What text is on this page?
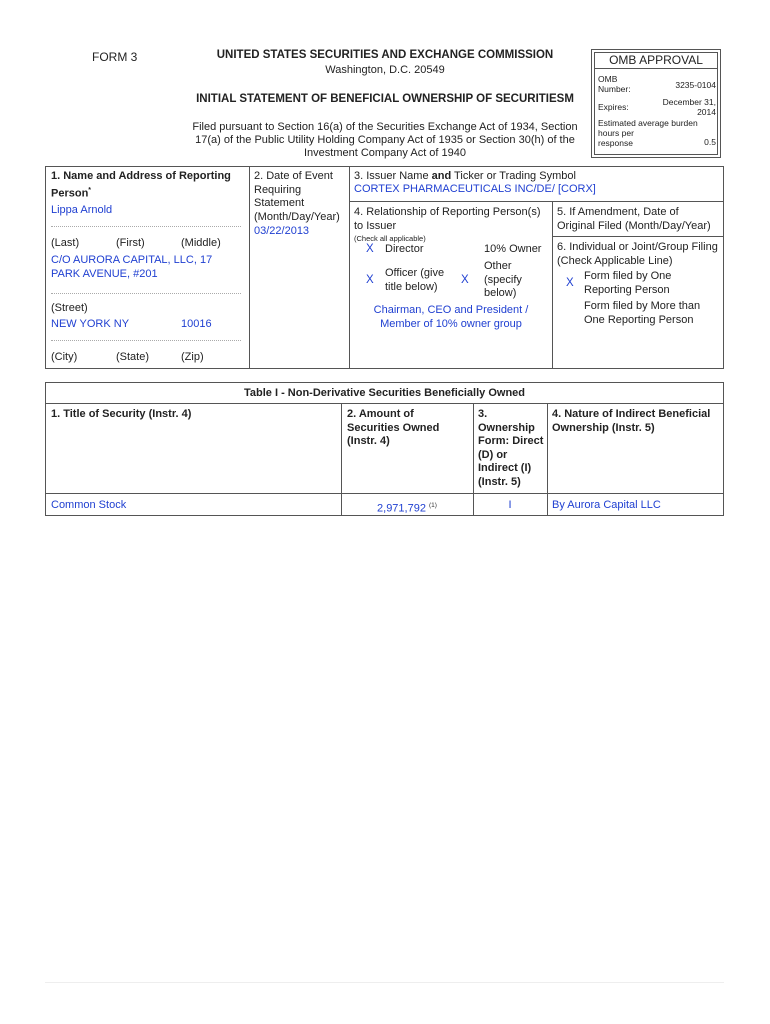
FORM 3	UNITED STATES SECURITIES AND EXCHANGE COMMISSION
Washington, D.C. 20549
INITIAL STATEMENT OF BENEFICIAL OWNERSHIP OF SECURITIESM
Filed pursuant to Section 16(a) of the Securities Exchange Act of 1934, Section
17(a) of the Public Utility Holding Company Act of 1935 or Section 30(h) of the
Investment Company Act of 1940
OMB APPROVAL
OMB
Number:	3235-0104
Expires:	December 31,
2014
Estimated average burden
hours per
response	0.5
1. Name and Address of Reporting
Person*
Lippa Arnold
(Last)	(First)	(Middle)
C/O AURORA CAPITAL, LLC, 17
PARK AVENUE, #201
(Street)
NEW YORK NY	10016
(City)	(State)	(Zip)
2. Date of Event
Requiring
Statement
(Month/Day/Year)
03/22/2013
3. Issuer Name and Ticker or Trading Symbol
CORTEX PHARMACEUTICALS INC/DE/ [CORX]
4. Relationship of Reporting Person(s)
to Issuer
(Check all applicable)
X Director	10% Owner
X
Officer (give
title below)
X
Other
(specify
below)
Chairman, CEO and President /
Member of 10% owner group
5. If Amendment, Date of
Original Filed (Month/Day/Year)
6. Individual or Joint/Group Filing
(Check Applicable Line)
X
Form filed by One
Reporting Person
Form filed by More than
One Reporting Person
Table I - Non-Derivative Securities Beneficially Owned
1. Title of Security (Instr. 4)	2. Amount of
Securities Owned
(Instr. 4)
3.
Ownership
Form: Direct
(D) or
Indirect (I)
(Instr. 5)
4. Nature of Indirect Beneficial
Ownership (Instr. 5)
Common Stock	2,971,792 $^{(1)}$	I	By Aurora Capital LLC
